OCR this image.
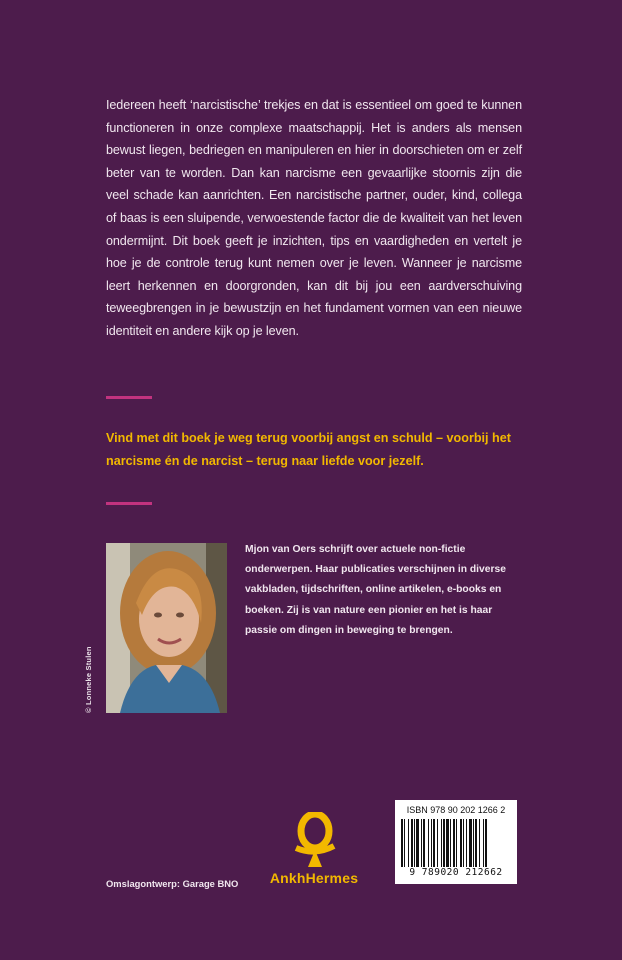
Iedereen heeft ‘narcistische’ trekjes en dat is essentieel om goed te kunnen functioneren in onze complexe maatschappij. Het is anders als mensen bewust liegen, bedriegen en manipuleren en hier in doorschieten om er zelf beter van te worden. Dan kan narcisme een gevaarlijke stoornis zijn die veel schade kan aanrichten. Een narcistische partner, ouder, kind, collega of baas is een sluipende, verwoestende factor die de kwaliteit van het leven ondermijnt. Dit boek geeft je inzichten, tips en vaardigheden en vertelt je hoe je de controle terug kunt nemen over je leven. Wanneer je narcisme leert herkennen en doorgronden, kan dit bij jou een aardverschuiving teweegbrengen in je bewustzijn en het fundament vormen van een nieuwe identiteit en andere kijk op je leven.

Vind met dit boek je weg terug voorbij angst en schuld – voorbij het narcisme én de narcist – terug naar liefde voor jezelf.

© Lonneke Stulen

Mjon van Oers schrijft over actuele non-fictie onderwerpen. Haar publicaties verschijnen in diverse vakbladen, tijdschriften, online artikelen, e-books en boeken. Zij is van nature een pionier en het is haar passie om dingen in beweging te brengen.

AnkhHermes
Omslagontwerp: Garage BNO
ISBN 978 90 202 1266 2
9 789020 212662
